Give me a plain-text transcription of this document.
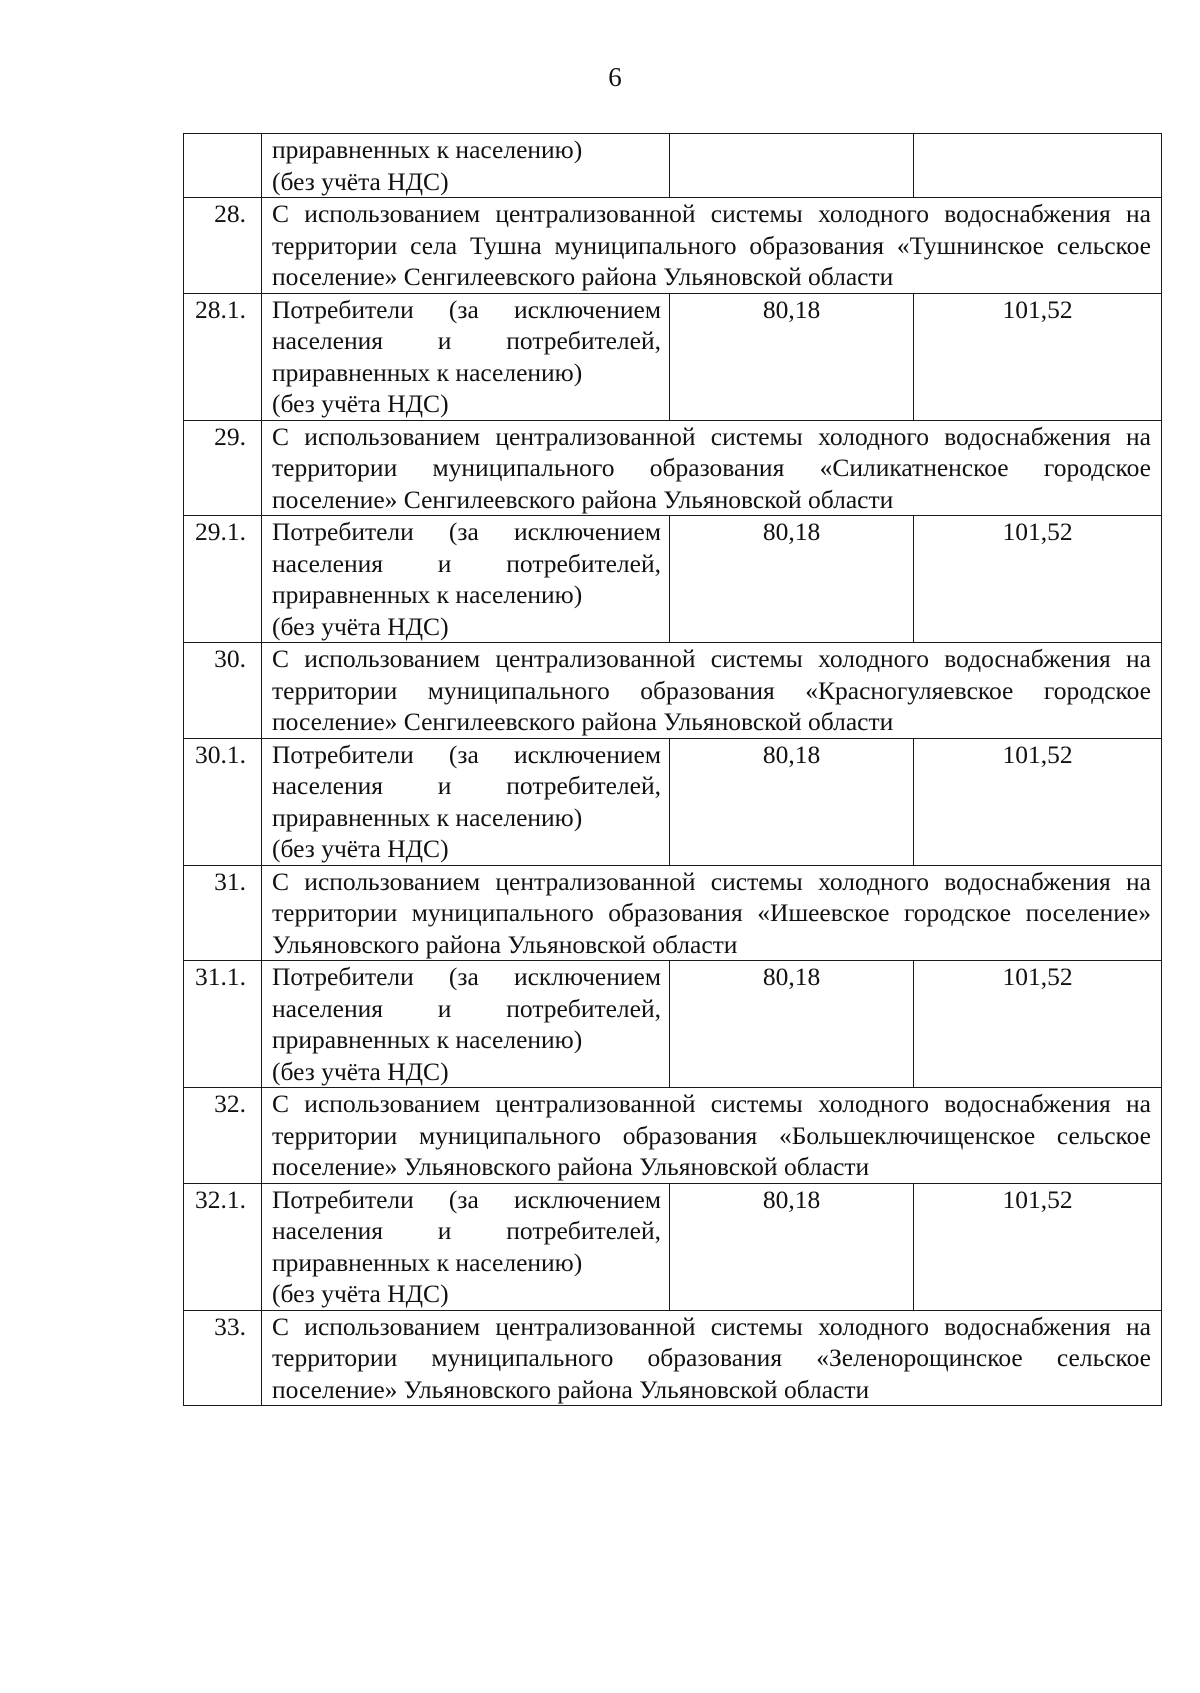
6

	приравненных к населению)
(без учёта НДС)		

28.	С использованием централизованной системы холодного водоснабжения на территории села Тушна муниципального образования «Тушнинское сельское поселение» Сенгилеевского района Ульяновской области		
28.1.	Потребители (за исключением
населения и потребителей,
приравненных к населению)
(без учёта НДС)	80,18	101,52
29.	С использованием централизованной системы холодного водоснабжения на территории муниципального образования «Силикатненское городское поселение» Сенгилеевского района Ульяновской области		
29.1.	Потребители (за исключением
населения и потребителей,
приравненных к населению)
(без учёта НДС)	80,18	101,52
30.	С использованием централизованной системы холодного водоснабжения на территории муниципального образования «Красногуляевское городское поселение» Сенгилеевского района Ульяновской области		
30.1.	Потребители (за исключением
населения и потребителей,
приравненных к населению)
(без учёта НДС)	80,18	101,52
31.	С использованием централизованной системы холодного водоснабжения на территории муниципального образования «Ишеевское городское поселение» Ульяновского района Ульяновской области		
31.1.	Потребители (за исключением
населения и потребителей,
приравненных к населению)
(без учёта НДС)	80,18	101,52
32.	С использованием централизованной системы холодного водоснабжения на территории муниципального образования «Большеключищенское сельское поселение» Ульяновского района Ульяновской области		
32.1.	Потребители (за исключением
населения и потребителей,
приравненных к населению)
(без учёта НДС)	80,18	101,52
33.	С использованием централизованной системы холодного водоснабжения на территории муниципального образования «Зеленорощинское сельское поселение» Ульяновского района Ульяновской области		
